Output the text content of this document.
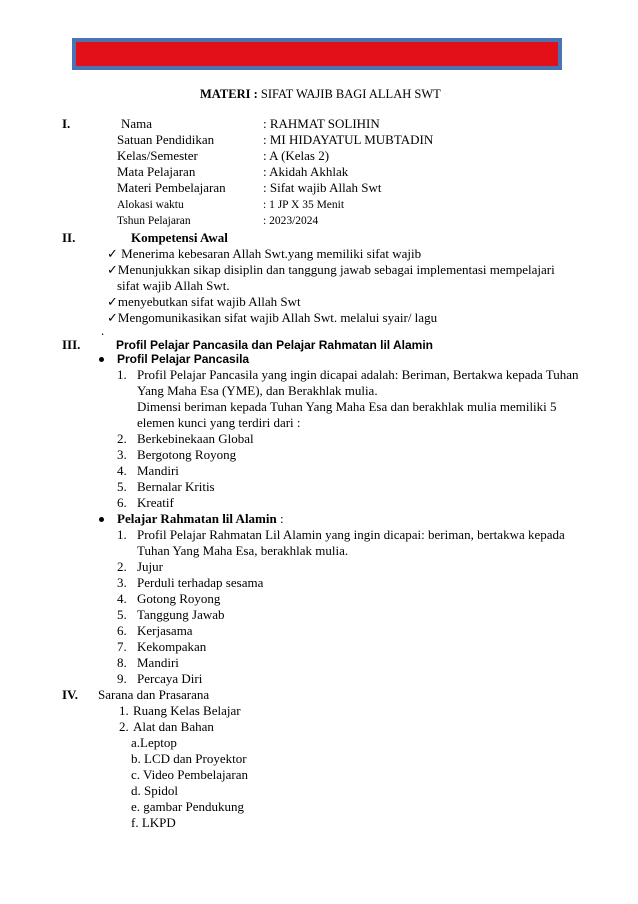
MATERI : SIFAT WAJIB BAGI ALLAH SWT
I.	Nama	: RAHMAT SOLIHIN
Satuan Pendidikan	: MI HIDAYATUL MUBTADIN
Kelas/Semester	: A (Kelas 2)
Mata Pelajaran	: Akidah Akhlak
Materi Pembelajaran	: Sifat wajib Allah Swt
Alokasi waktu	: 1 JP X 35 Menit
Tshun Pelajaran	: 2023/2024
II.	Kompetensi Awal
✓ Menerima kebesaran Allah Swt.yang memiliki sifat wajib
✓Menunjukkan sikap disiplin dan tanggung jawab sebagai implementasi mempelajari
sifat wajib Allah Swt.
✓menyebutkan sifat wajib Allah Swt
✓Mengomunikasikan sifat wajib Allah Swt. melalui syair/ lagu
.
III.	Profil Pelajar Pancasila dan Pelajar Rahmatan lil Alamin
Profil Pelajar Pancasila
1. Profil Pelajar Pancasila yang ingin dicapai adalah: Beriman, Bertakwa kepada Tuhan
Yang Maha Esa (YME), dan Berakhlak mulia.
Dimensi beriman kepada Tuhan Yang Maha Esa dan berakhlak mulia memiliki 5
elemen kunci yang terdiri dari :
2. Berkebinekaan Global
3. Bergotong Royong
4. Mandiri
5. Bernalar Kritis
6. Kreatif
Pelajar Rahmatan lil Alamin :
1. Profil Pelajar Rahmatan Lil Alamin yang ingin dicapai: beriman, bertakwa kepada
Tuhan Yang Maha Esa, berakhlak mulia.
2. Jujur
3. Perduli terhadap sesama
4. Gotong Royong
5. Tanggung Jawab
6. Kerjasama
7. Kekompakan
8. Mandiri
9. Percaya Diri
IV. Sarana dan Prasarana
1. Ruang Kelas Belajar
2. Alat dan Bahan
a.Leptop
b. LCD dan Proyektor
c. Video Pembelajaran
d. Spidol
e. gambar Pendukung
f. LKPD
